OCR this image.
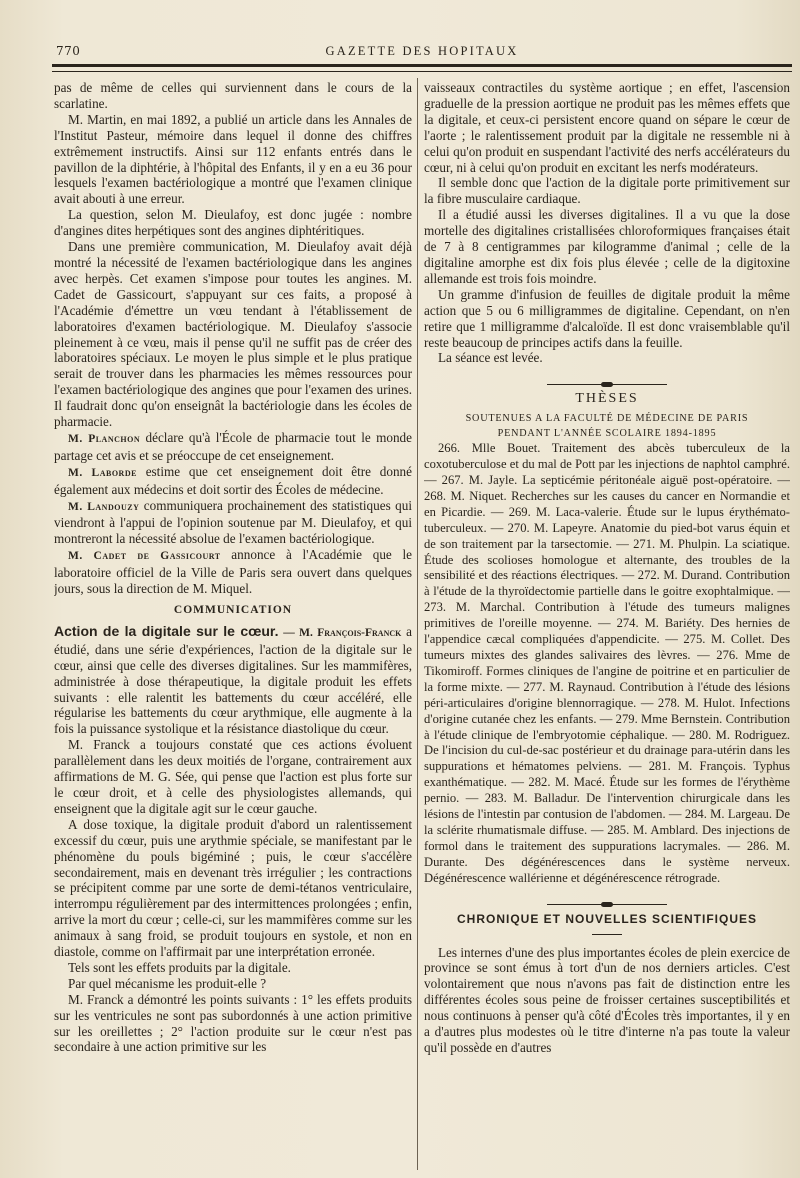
770	GAZETTE DES HOPITAUX

pas de même de celles qui surviennent dans le cours de la scarlatine.

M. Martin, en mai 1892, a publié un article dans les Annales de l'Institut Pasteur, mémoire dans lequel il donne des chiffres extrêmement instructifs. Ainsi sur 112 enfants entrés dans le pavillon de la diphtérie, à l'hôpital des Enfants, il y en a eu 36 pour lesquels l'examen bactériologique a montré que l'examen clinique avait abouti à une erreur.

La question, selon M. Dieulafoy, est donc jugée : nombre d'angines dites herpétiques sont des angines diphtéritiques.

Dans une première communication, M. Dieulafoy avait déjà montré la nécessité de l'examen bactériologique dans les angines avec herpès. Cet examen s'impose pour toutes les angines. M. Cadet de Gassicourt, s'appuyant sur ces faits, a proposé à l'Académie d'émettre un vœu tendant à l'établissement de laboratoires d'examen bactériologique. M. Dieulafoy s'associe pleinement à ce vœu, mais il pense qu'il ne suffit pas de créer des laboratoires spéciaux. Le moyen le plus simple et le plus pratique serait de trouver dans les pharmacies les mêmes ressources pour l'examen bactériologique des angines que pour l'examen des urines. Il faudrait donc qu'on enseignât la bactériologie dans les écoles de pharmacie.

M. Planchon déclare qu'à l'École de pharmacie tout le monde partage cet avis et se préoccupe de cet enseignement.

M. Laborde estime que cet enseignement doit être donné également aux médecins et doit sortir des Écoles de médecine.

M. Landouzy communiquera prochainement des statistiques qui viendront à l'appui de l'opinion soutenue par M. Dieulafoy, et qui montreront la nécessité absolue de l'examen bactériologique.

M. Cadet de Gassicourt annonce à l'Académie que le laboratoire officiel de la Ville de Paris sera ouvert dans quelques jours, sous la direction de M. Miquel.

COMMUNICATION

Action de la digitale sur le cœur. — M. François-Franck a étudié, dans une série d'expériences, l'action de la digitale sur le cœur, ainsi que celle des diverses digitalines. Sur les mammifères, administrée à dose thérapeutique, la digitale produit les effets suivants : elle ralentit les battements du cœur accéléré, elle régularise les battements du cœur arythmique, elle augmente à la fois la puissance systolique et la résistance diastolique du cœur.

M. Franck a toujours constaté que ces actions évoluent parallèlement dans les deux moitiés de l'organe, contrairement aux affirmations de M. G. Sée, qui pense que l'action est plus forte sur le cœur droit, et à celle des physiologistes allemands, qui enseignent que la digitale agit sur le cœur gauche.

A dose toxique, la digitale produit d'abord un ralentissement excessif du cœur, puis une arythmie spéciale, se manifestant par le phénomène du pouls bigéminé ; puis, le cœur s'accélère secondairement, mais en devenant très irrégulier ; les contractions se précipitent comme par une sorte de demi-tétanos ventriculaire, interrompu régulièrement par des intermittences prolongées ; enfin, arrive la mort du cœur ; celle-ci, sur les mammifères comme sur les animaux à sang froid, se produit toujours en systole, et non en diastole, comme on l'affirmait par une interprétation erronée.

Tels sont les effets produits par la digitale.

Par quel mécanisme les produit-elle ?

M. Franck a démontré les points suivants : 1° les effets produits sur les ventricules ne sont pas subordonnés à une action primitive sur les oreillettes ; 2° l'action produite sur le cœur n'est pas secondaire à une action primitive sur les

vaisseaux contractiles du système aortique ; en effet, l'ascension graduelle de la pression aortique ne produit pas les mêmes effets que la digitale, et ceux-ci persistent encore quand on sépare le cœur de l'aorte ; le ralentissement produit par la digitale ne ressemble ni à celui qu'on produit en suspendant l'activité des nerfs accélérateurs du cœur, ni à celui qu'on produit en excitant les nerfs modérateurs.

Il semble donc que l'action de la digitale porte primitivement sur la fibre musculaire cardiaque.

Il a étudié aussi les diverses digitalines. Il a vu que la dose mortelle des digitalines cristallisées chloroformiques françaises était de 7 à 8 centigrammes par kilogramme d'animal ; celle de la digitaline amorphe est dix fois plus élevée ; celle de la digitoxine allemande est trois fois moindre.

Un gramme d'infusion de feuilles de digitale produit la même action que 5 ou 6 milligrammes de digitaline. Cependant, on n'en retire que 1 milligramme d'alcaloïde. Il est donc vraisemblable qu'il reste beaucoup de principes actifs dans la feuille.

La séance est levée.

THÈSES
SOUTENUES A LA FACULTÉ DE MÉDECINE DE PARIS
PENDANT L'ANNÉE SCOLAIRE 1894-1895

266. Mlle Bouet. Traitement des abcès tuberculeux de la coxotuberculose et du mal de Pott par les injections de naphtol camphré. — 267. M. Jayle. La septicémie péritonéale aiguë post-opératoire. — 268. M. Niquet. Recherches sur les causes du cancer en Normandie et en Picardie. — 269. M. Laca-valerie. Étude sur le lupus érythémato-tuberculeux. — 270. M. Lapeyre. Anatomie du pied-bot varus équin et de son traitement par la tarsectomie. — 271. M. Phulpin. La sciatique. Étude des scolioses homologue et alternante, des troubles de la sensibilité et des réactions électriques. — 272. M. Durand. Contribution à l'étude de la thyroïdectomie partielle dans le goitre exophtalmique. — 273. M. Marchal. Contribution à l'étude des tumeurs malignes primitives de l'oreille moyenne. — 274. M. Bariéty. Des hernies de l'appendice cæcal compliquées d'appendicite. — 275. M. Collet. Des tumeurs mixtes des glandes salivaires des lèvres. — 276. Mme de Tikomiroff. Formes cliniques de l'angine de poitrine et en particulier de la forme mixte. — 277. M. Raynaud. Contribution à l'étude des lésions péri-articulaires d'origine blennorragique. — 278. M. Hulot. Infections d'origine cutanée chez les enfants. — 279. Mme Bernstein. Contribution à l'étude clinique de l'embryotomie céphalique. — 280. M. Rodriguez. De l'incision du cul-de-sac postérieur et du drainage para-utérin dans les suppurations et hématomes pelviens. — 281. M. François. Typhus exanthématique. — 282. M. Macé. Étude sur les formes de l'érythème pernio. — 283. M. Balladur. De l'intervention chirurgicale dans les lésions de l'intestin par contusion de l'abdomen. — 284. M. Largeau. De la sclérite rhumatismale diffuse. — 285. M. Amblard. Des injections de formol dans le traitement des suppurations lacrymales. — 286. M. Durante. Des dégénérescences dans le système nerveux. Dégénérescence wallérienne et dégénérescence rétrograde.

CHRONIQUE ET NOUVELLES SCIENTIFIQUES

Les internes d'une des plus importantes écoles de plein exercice de province se sont émus à tort d'un de nos derniers articles. C'est volontairement que nous n'avons pas fait de distinction entre les différentes écoles sous peine de froisser certaines susceptibilités et nous continuons à penser qu'à côté d'Écoles très importantes, il y en a d'autres plus modestes où le titre d'interne n'a pas toute la valeur qu'il possède en d'autres
